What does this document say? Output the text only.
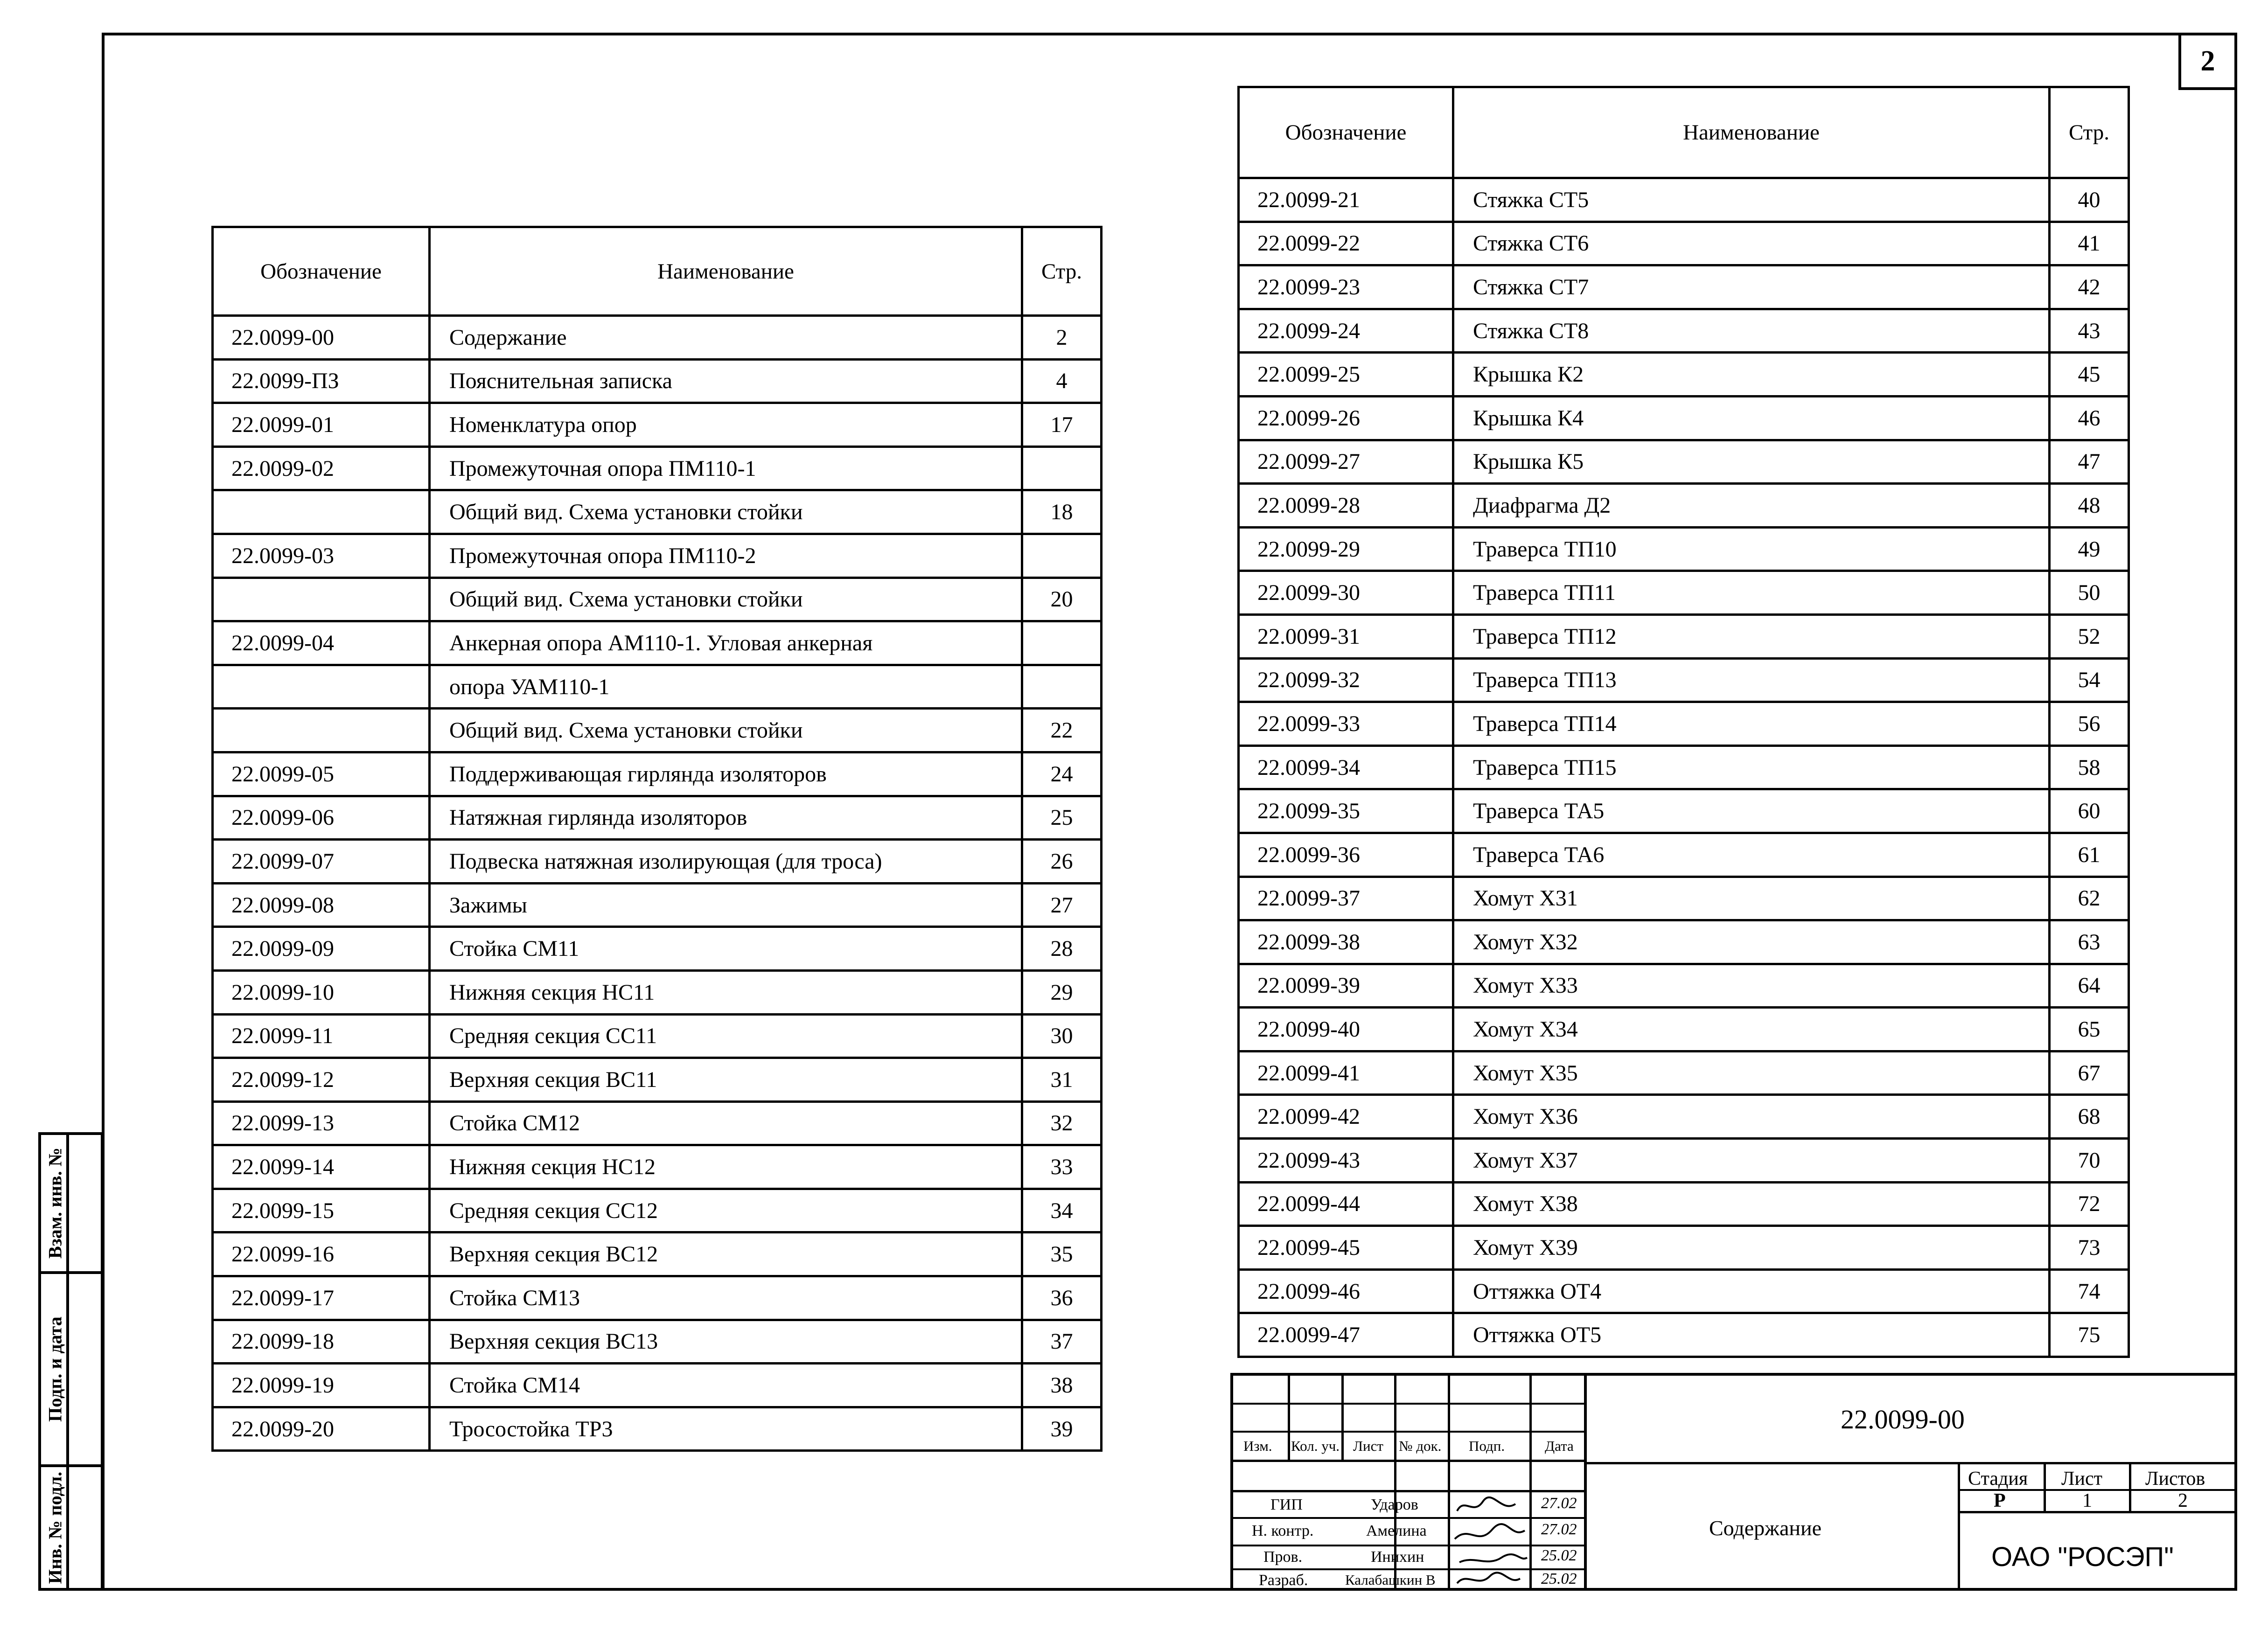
2
Взам. инв. №
Подп. и дата
Инв. № подл.
Обозначение	Наименование	Стр.
22.0099-00	Содержание	2
22.0099-ПЗ	Пояснительная записка	4
22.0099-01	Номенклатура опор	17
22.0099-02	Промежуточная опора ПМ110-1	
	Общий вид. Схема установки стойки	18
22.0099-03	Промежуточная опора ПМ110-2	
	Общий вид. Схема установки стойки	20
22.0099-04	Анкерная опора АМ110-1. Угловая анкерная	
	опора УАМ110-1	
	Общий вид. Схема установки стойки	22
22.0099-05	Поддерживающая гирлянда изоляторов	24
22.0099-06	Натяжная гирлянда изоляторов	25
22.0099-07	Подвеска натяжная изолирующая (для троса)	26
22.0099-08	Зажимы	27
22.0099-09	Стойка СМ11	28
22.0099-10	Нижняя секция НС11	29
22.0099-11	Средняя секция СС11	30
22.0099-12	Верхняя секция ВС11	31
22.0099-13	Стойка СМ12	32
22.0099-14	Нижняя секция НС12	33
22.0099-15	Средняя секция СС12	34
22.0099-16	Верхняя секция ВС12	35
22.0099-17	Стойка СМ13	36
22.0099-18	Верхняя секция ВС13	37
22.0099-19	Стойка СМ14	38
22.0099-20	Тросостойка ТР3	39
Обозначение	Наименование	Стр.
22.0099-21	Стяжка СТ5	40
22.0099-22	Стяжка СТ6	41
22.0099-23	Стяжка СТ7	42
22.0099-24	Стяжка СТ8	43
22.0099-25	Крышка К2	45
22.0099-26	Крышка К4	46
22.0099-27	Крышка К5	47
22.0099-28	Диафрагма Д2	48
22.0099-29	Траверса ТП10	49
22.0099-30	Траверса ТП11	50
22.0099-31	Траверса ТП12	52
22.0099-32	Траверса ТП13	54
22.0099-33	Траверса ТП14	56
22.0099-34	Траверса ТП15	58
22.0099-35	Траверса ТА5	60
22.0099-36	Траверса ТА6	61
22.0099-37	Хомут Х31	62
22.0099-38	Хомут Х32	63
22.0099-39	Хомут Х33	64
22.0099-40	Хомут Х34	65
22.0099-41	Хомут Х35	67
22.0099-42	Хомут Х36	68
22.0099-43	Хомут Х37	70
22.0099-44	Хомут Х38	72
22.0099-45	Хомут Х39	73
22.0099-46	Оттяжка ОТ4	74
22.0099-47	Оттяжка ОТ5	75
22.0099-00
Содержание
ОАО "РОСЭП"
Стадия Лист Листов
Р	1	2
Изм. Кол. уч. Лист № док. Подп.	Дата
ГИП	Ударов	27.02
Н. контр.	Амелина	27.02
Пров.	Инихин	25.02
Разраб.	Калабашкин В	25.02
